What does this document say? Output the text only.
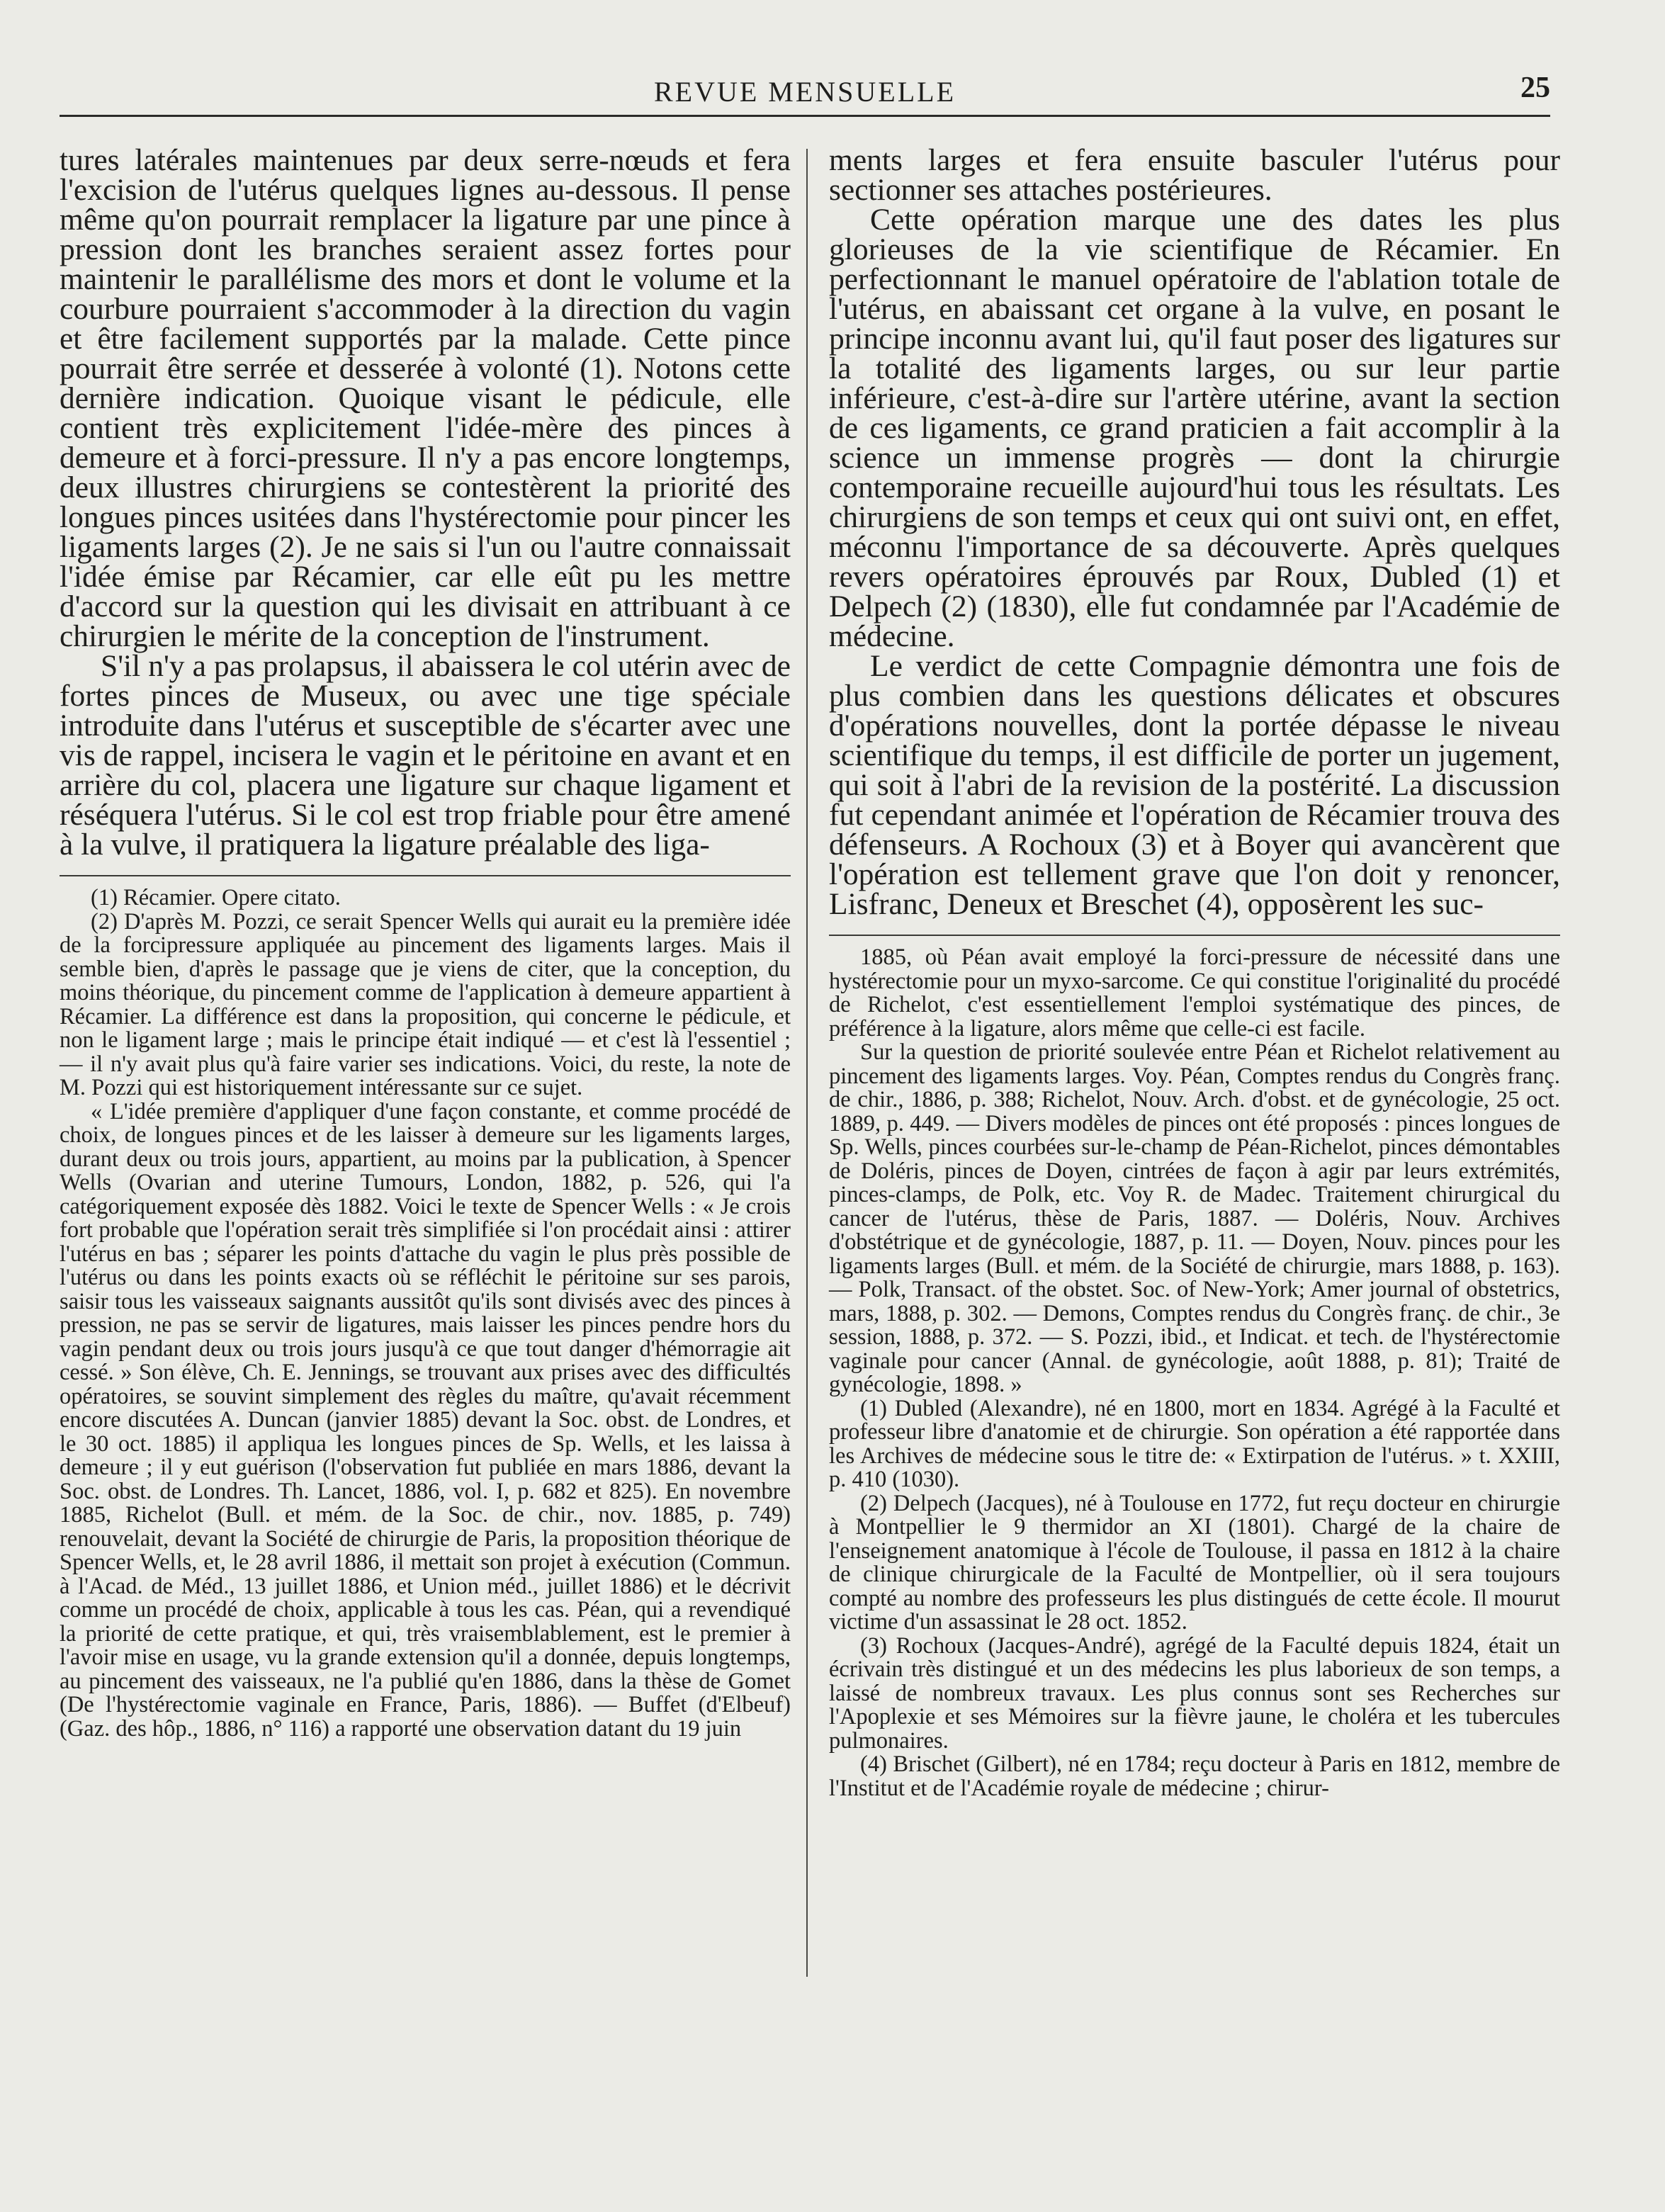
REVUE MENSUELLE	25

tures latérales maintenues par deux serre-nœuds et fera l'excision de l'utérus quelques lignes au-dessous. Il pense même qu'on pourrait remplacer la ligature par une pince à pression dont les branches seraient assez fortes pour maintenir le parallélisme des mors et dont le volume et la courbure pourraient s'accommoder à la direction du vagin et être facilement supportés par la malade. Cette pince pourrait être serrée et desserée à volonté (1). Notons cette dernière indication. Quoique visant le pédicule, elle contient très explicitement l'idée-mère des pinces à demeure et à forci-pressure. Il n'y a pas encore longtemps, deux illustres chirurgiens se contestèrent la priorité des longues pinces usitées dans l'hystérectomie pour pincer les ligaments larges (2). Je ne sais si l'un ou l'autre connaissait l'idée émise par Récamier, car elle eût pu les mettre d'accord sur la question qui les divisait en attribuant à ce chirurgien le mérite de la conception de l'instrument.

S'il n'y a pas prolapsus, il abaissera le col utérin avec de fortes pinces de Museux, ou avec une tige spéciale introduite dans l'utérus et susceptible de s'écarter avec une vis de rappel, incisera le vagin et le péritoine en avant et en arrière du col, placera une ligature sur chaque ligament et réséquera l'utérus. Si le col est trop friable pour être amené à la vulve, il pratiquera la ligature préalable des liga-

(1) Récamier. Opere citato.

(2) D'après M. Pozzi, ce serait Spencer Wells qui aurait eu la première idée de la forcipressure appliquée au pincement des ligaments larges. Mais il semble bien, d'après le passage que je viens de citer, que la conception, du moins théorique, du pincement comme de l'application à demeure appartient à Récamier. La différence est dans la proposition, qui concerne le pédicule, et non le ligament large ; mais le principe était indiqué — et c'est là l'essentiel ; — il n'y avait plus qu'à faire varier ses indications. Voici, du reste, la note de M. Pozzi qui est historiquement intéressante sur ce sujet.

« L'idée première d'appliquer d'une façon constante, et comme procédé de choix, de longues pinces et de les laisser à demeure sur les ligaments larges, durant deux ou trois jours, appartient, au moins par la publication, à Spencer Wells (Ovarian and uterine Tumours, London, 1882, p. 526, qui l'a catégoriquement exposée dès 1882. Voici le texte de Spencer Wells : « Je crois fort probable que l'opération serait très simplifiée si l'on procédait ainsi : attirer l'utérus en bas ; séparer les points d'attache du vagin le plus près possible de l'utérus ou dans les points exacts où se réfléchit le péritoine sur ses parois, saisir tous les vaisseaux saignants aussitôt qu'ils sont divisés avec des pinces à pression, ne pas se servir de ligatures, mais laisser les pinces pendre hors du vagin pendant deux ou trois jours jusqu'à ce que tout danger d'hémorragie ait cessé. » Son élève, Ch. E. Jennings, se trouvant aux prises avec des difficultés opératoires, se souvint simplement des règles du maître, qu'avait récemment encore discutées A. Duncan (janvier 1885) devant la Soc. obst. de Londres, et le 30 oct. 1885) il appliqua les longues pinces de Sp. Wells, et les laissa à demeure ; il y eut guérison (l'observation fut publiée en mars 1886, devant la Soc. obst. de Londres. Th. Lancet, 1886, vol. I, p. 682 et 825). En novembre 1885, Richelot (Bull. et mém. de la Soc. de chir., nov. 1885, p. 749) renouvelait, devant la Société de chirurgie de Paris, la proposition théorique de Spencer Wells, et, le 28 avril 1886, il mettait son projet à exécution (Commun. à l'Acad. de Méd., 13 juillet 1886, et Union méd., juillet 1886) et le décrivit comme un procédé de choix, applicable à tous les cas. Péan, qui a revendiqué la priorité de cette pratique, et qui, très vraisemblablement, est le premier à l'avoir mise en usage, vu la grande extension qu'il a donnée, depuis longtemps, au pincement des vaisseaux, ne l'a publié qu'en 1886, dans la thèse de Gomet (De l'hystérectomie vaginale en France, Paris, 1886). — Buffet (d'Elbeuf) (Gaz. des hôp., 1886, n° 116) a rapporté une observation datant du 19 juin

ments larges et fera ensuite basculer l'utérus pour sectionner ses attaches postérieures.

Cette opération marque une des dates les plus glorieuses de la vie scientifique de Récamier. En perfectionnant le manuel opératoire de l'ablation totale de l'utérus, en abaissant cet organe à la vulve, en posant le principe inconnu avant lui, qu'il faut poser des ligatures sur la totalité des ligaments larges, ou sur leur partie inférieure, c'est-à-dire sur l'artère utérine, avant la section de ces ligaments, ce grand praticien a fait accomplir à la science un immense progrès — dont la chirurgie contemporaine recueille aujourd'hui tous les résultats. Les chirurgiens de son temps et ceux qui ont suivi ont, en effet, méconnu l'importance de sa découverte. Après quelques revers opératoires éprouvés par Roux, Dubled (1) et Delpech (2) (1830), elle fut condamnée par l'Académie de médecine.

Le verdict de cette Compagnie démontra une fois de plus combien dans les questions délicates et obscures d'opérations nouvelles, dont la portée dépasse le niveau scientifique du temps, il est difficile de porter un jugement, qui soit à l'abri de la revision de la postérité. La discussion fut cependant animée et l'opération de Récamier trouva des défenseurs. A Rochoux (3) et à Boyer qui avancèrent que l'opération est tellement grave que l'on doit y renoncer, Lisfranc, Deneux et Breschet (4), opposèrent les suc-

1885, où Péan avait employé la forci-pressure de nécessité dans une hystérectomie pour un myxo-sarcome. Ce qui constitue l'originalité du procédé de Richelot, c'est essentiellement l'emploi systématique des pinces, de préférence à la ligature, alors même que celle-ci est facile.

Sur la question de priorité soulevée entre Péan et Richelot relativement au pincement des ligaments larges. Voy. Péan, Comptes rendus du Congrès franç. de chir., 1886, p. 388; Richelot, Nouv. Arch. d'obst. et de gynécologie, 25 oct. 1889, p. 449. — Divers modèles de pinces ont été proposés : pinces longues de Sp. Wells, pinces courbées sur-le-champ de Péan-Richelot, pinces démontables de Doléris, pinces de Doyen, cintrées de façon à agir par leurs extrémités, pinces-clamps, de Polk, etc. Voy R. de Madec. Traitement chirurgical du cancer de l'utérus, thèse de Paris, 1887. — Doléris, Nouv. Archives d'obstétrique et de gynécologie, 1887, p. 11. — Doyen, Nouv. pinces pour les ligaments larges (Bull. et mém. de la Société de chirurgie, mars 1888, p. 163). — Polk, Transact. of the obstet. Soc. of New-York; Amer journal of obstetrics, mars, 1888, p. 302. — Demons, Comptes rendus du Congrès franç. de chir., 3e session, 1888, p. 372. — S. Pozzi, ibid., et Indicat. et tech. de l'hystérectomie vaginale pour cancer (Annal. de gynécologie, août 1888, p. 81); Traité de gynécologie, 1898. »

(1) Dubled (Alexandre), né en 1800, mort en 1834. Agrégé à la Faculté et professeur libre d'anatomie et de chirurgie. Son opération a été rapportée dans les Archives de médecine sous le titre de: « Extirpation de l'utérus. » t. XXIII, p. 410 (1030).

(2) Delpech (Jacques), né à Toulouse en 1772, fut reçu docteur en chirurgie à Montpellier le 9 thermidor an XI (1801). Chargé de la chaire de l'enseignement anatomique à l'école de Toulouse, il passa en 1812 à la chaire de clinique chirurgicale de la Faculté de Montpellier, où il sera toujours compté au nombre des professeurs les plus distingués de cette école. Il mourut victime d'un assassinat le 28 oct. 1852.

(3) Rochoux (Jacques-André), agrégé de la Faculté depuis 1824, était un écrivain très distingué et un des médecins les plus laborieux de son temps, a laissé de nombreux travaux. Les plus connus sont ses Recherches sur l'Apoplexie et ses Mémoires sur la fièvre jaune, le choléra et les tubercules pulmonaires.

(4) Brischet (Gilbert), né en 1784; reçu docteur à Paris en 1812, membre de l'Institut et de l'Académie royale de médecine ; chirur-
